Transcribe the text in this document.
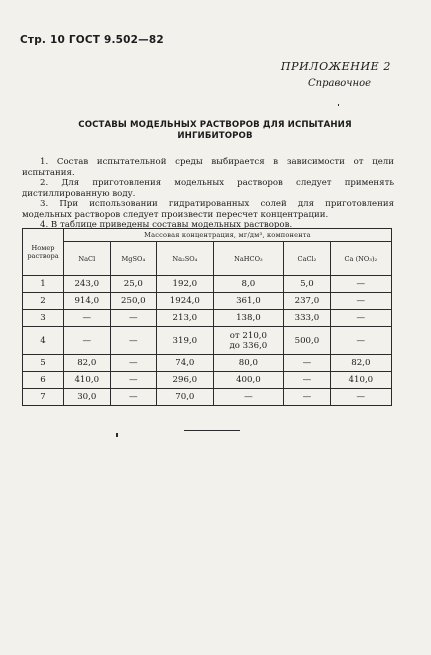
Стр. 10 ГОСТ 9.502—82
ПРИЛОЖЕНИЕ 2
Справочное
СОСТАВЫ МОДЕЛЬНЫХ РАСТВОРОВ ДЛЯ ИСПЫТАНИЯ
ИНГИБИТОРОВ

1. Состав испытательной среды выбирается в зависимости от цели испытания.

2. Для приготовления модельных растворов следует применять дистиллированную воду.

3. При использовании гидратированных солей для приготовления модельных растворов следует произвести пересчет концентрации.

4. В таблице приведены составы модельных растворов.

Номер раствора	Массовая концентрация, мг/дм³, компонента					
	NaCl	MgSO₄	Na₂SO₄	NaHCO₃	CaCl₂	Ca (NO₃)₂
1	243,0	25,0	192,0	8,0	5,0	—
2	914,0	250,0	1924,0	361,0	237,0	—
3	—	—	213,0	138,0	333,0	—
4	—	—	319,0	от 210,0
до 336,0	500,0	—
5	82,0	—	74,0	80,0	—	82,0
6	410,0	—	296,0	400,0	—	410,0
7	30,0	—	70,0	—	—	—
